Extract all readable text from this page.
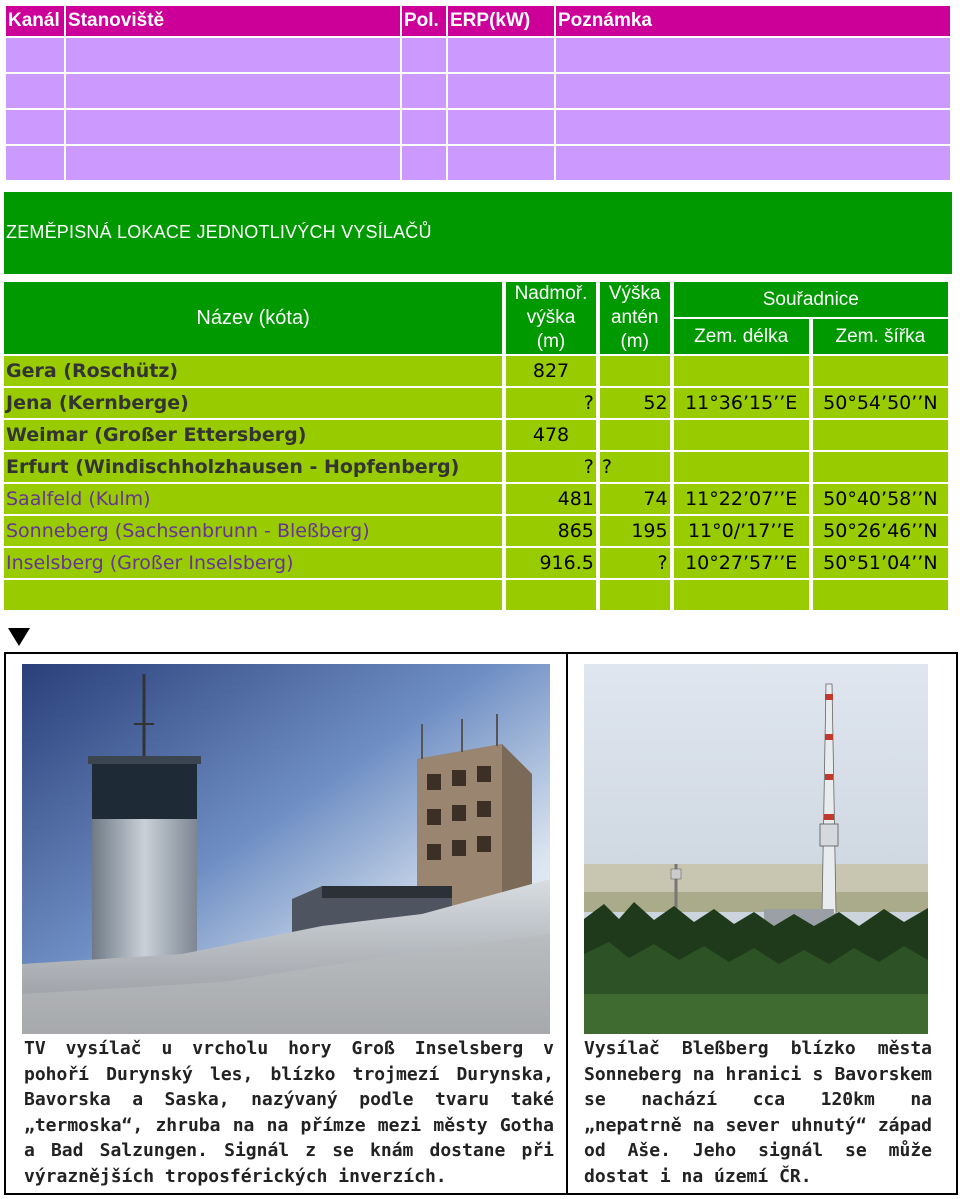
Kanál	Stanoviště	Pol.	ERP(kW)	Poznámka

ZEMĚPISNÁ LOKACE JEDNOTLIVÝCH VYSÍLAČŮ
Název (kóta)	Nadmoř. výška (m)	Výška antén (m)	Souřadnice	
			Zem. délka	Zem. šířka
Gera (Roschütz)	827			
Jena (Kernberge)	?	52	11°36’15’’E	50°54’50’’N
Weimar (Großer Ettersberg)	478			
Erfurt (Windischholzhausen - Hopfenberg)	?	?		
Saalfeld (Kulm)	481	74	11°22’07’’E	50°40’58’’N
Sonneberg (Sachsenbrunn - Bleßberg)	865	195	11°0/’17’’E	50°26’46’’N
Inselsberg (Großer Inselsberg)	916.5	?	10°27’57’’E	50°51’04’’N

TV vysílač u vrcholu hory Groß Inselsberg v pohoří Durynský les, blízko trojmezí Durynska, Bavorska a Saska, nazývaný podle tvaru také „termoska“, zhruba na na přímze mezi městy Gotha a Bad Salzungen. Signál z se knám dostane při výraznějších troposférických inverzích.

Vysílač Bleßberg blízko města Sonneberg na hranici s Bavorskem se nachází cca 120km na „nepatrně na sever uhnutý“ západ od Aše. Jeho signál se může dostat i na území ČR.
